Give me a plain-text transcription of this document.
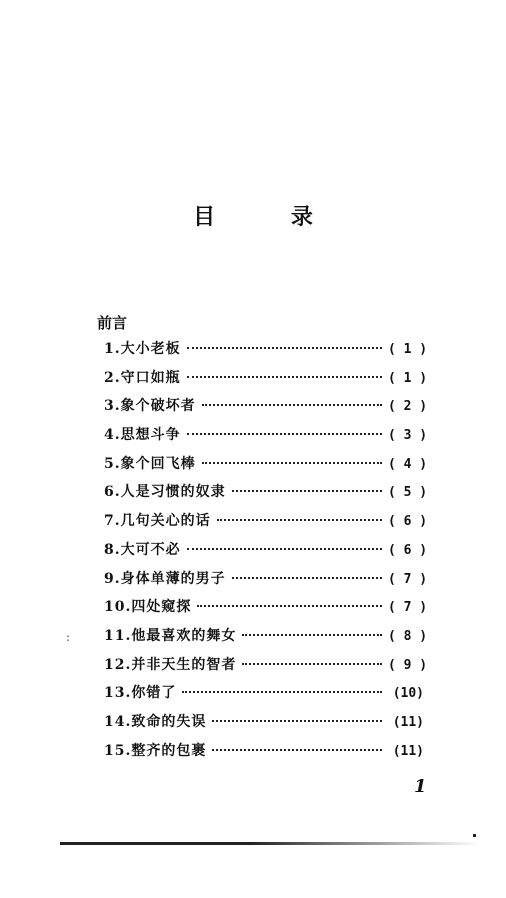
目 录
前言
1.大小老板	( 1 )
2.守口如瓶	( 1 )
3.象个破坏者	( 2 )
4.思想斗争	( 3 )
5.象个回飞棒	( 4 )
6.人是习惯的奴隶	( 5 )
7.几句关心的话	( 6 )
8.大可不必	( 6 )
9.身体单薄的男子	( 7 )
10.四处窥探	( 7 )
11.他最喜欢的舞女	( 8 )
12.并非天生的智者	( 9 )
13.你错了	(10)
14.致命的失误	(11)
15.整齐的包裹	(11)
:
1
